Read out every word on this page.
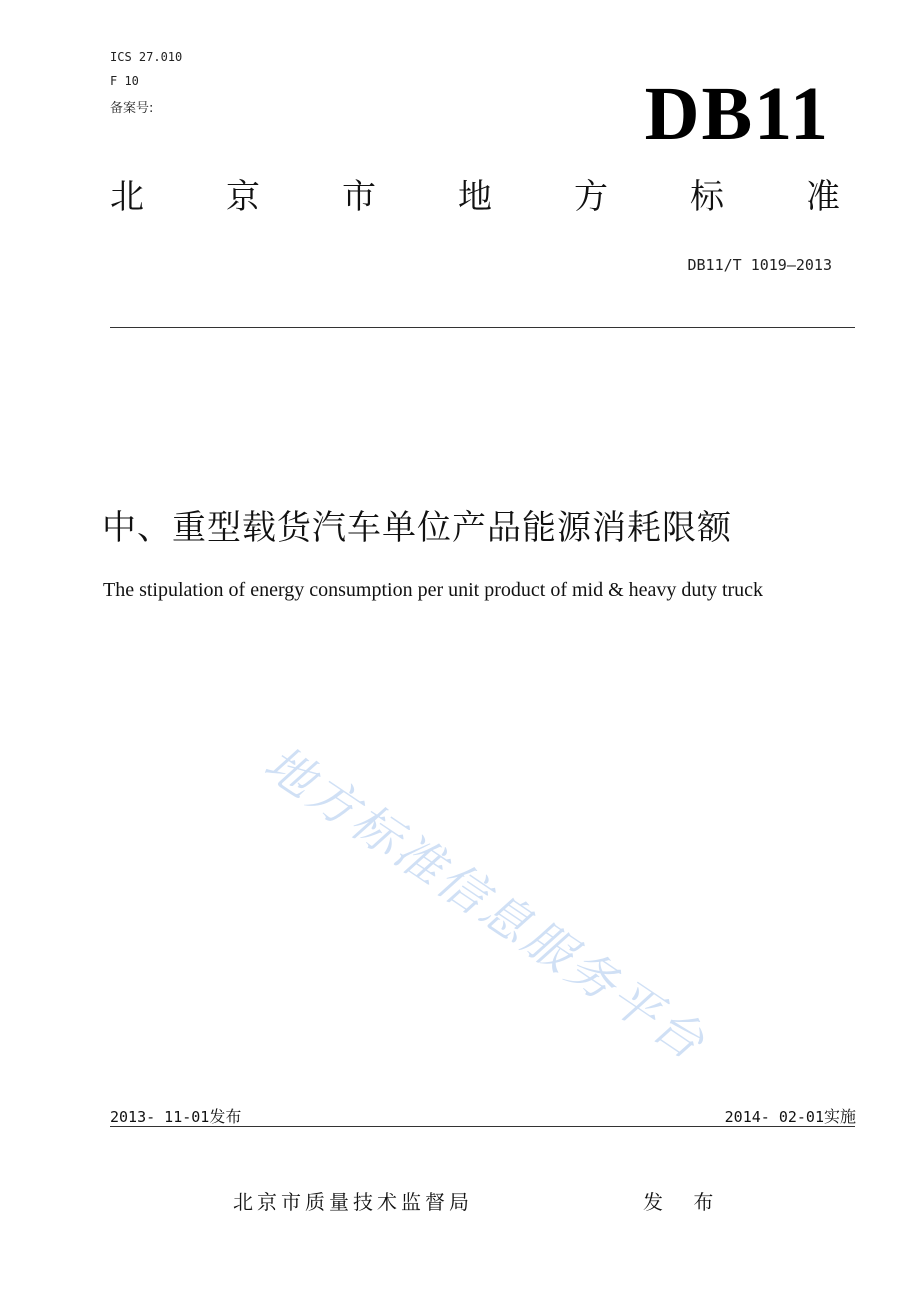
ICS 27.010
F 10
备案号:	DB11
北 京 市 地 方 标 准
DB11/T 1019—2013
中、重型载货汽车单位产品能源消耗限额
The stipulation of energy consumption per unit product of mid & heavy duty truck
地方标准信息服务平台
2013- 11-01发布	2014- 02-01实施
北京市质量技术监督局	发 布
